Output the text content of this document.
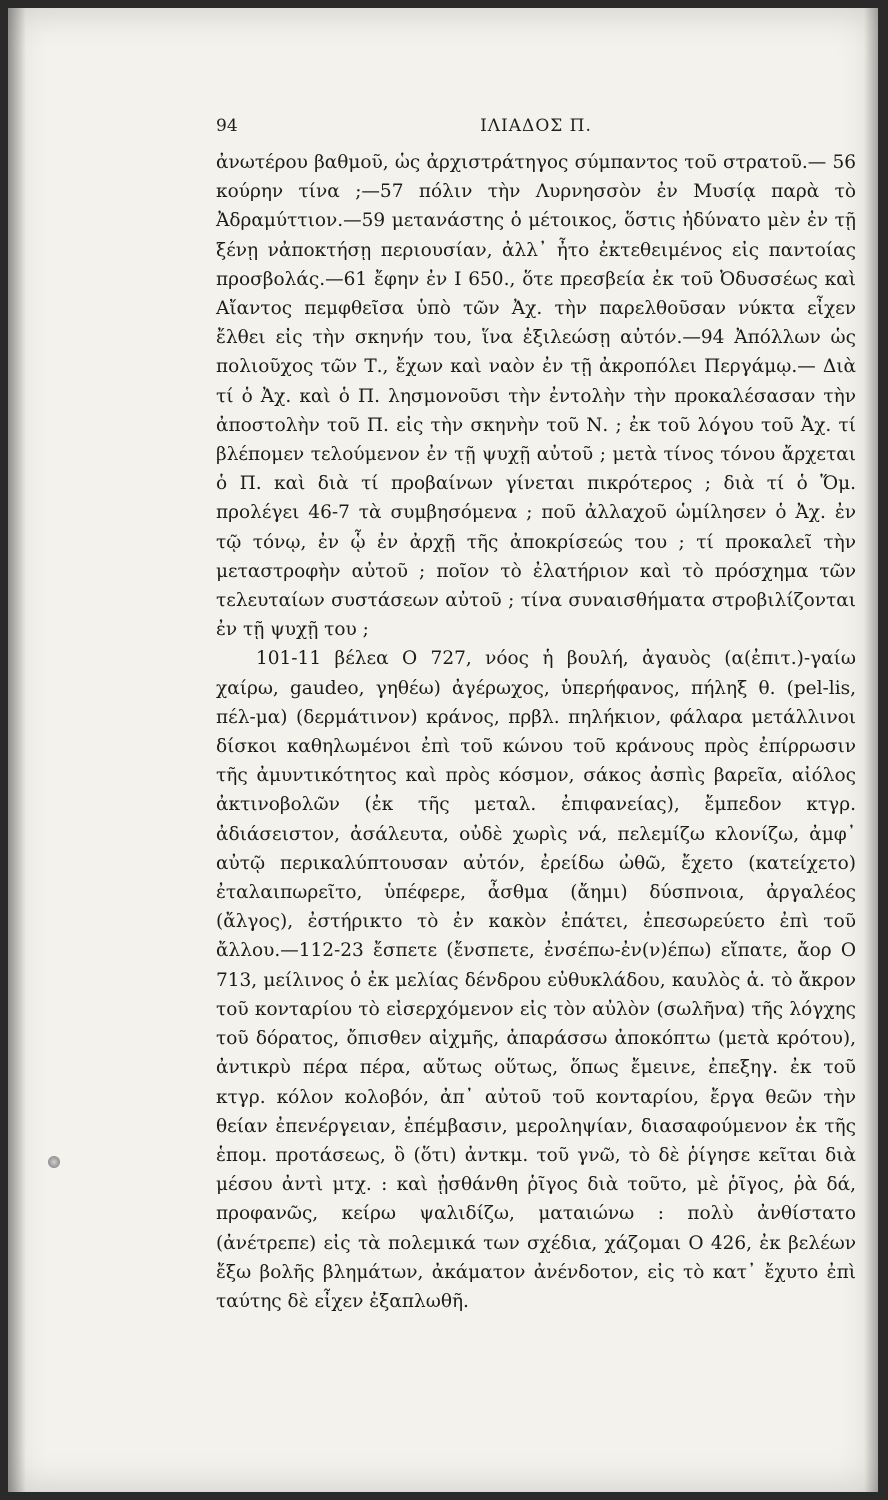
94	ΙΛΙΑΔΟΣ Π.

ἀνωτέρου βαθμοῦ, ὡς ἀρχιστράτηγος σύμπαντος τοῦ στρατοῦ.— 56 κούρην τίνα ;—57 πόλιν τὴν Λυρνησσὸν ἐν Μυσίᾳ παρὰ τὸ Ἀδραμύττιον.—59 μετανάστης ὁ μέτοικος, ὅστις ἠδύνατο μὲν ἐν τῇ ξένῃ νἀποκτήσῃ περιουσίαν, ἀλλ᾽ ἦτο ἐκτεθειμένος εἰς παντοίας προσβολάς.—61 ἔφην ἐν Ι 650., ὅτε πρεσβεία ἐκ τοῦ Ὀδυσσέως καὶ Αἴαντος πεμφθεῖσα ὑπὸ τῶν Ἀχ. τὴν παρελθοῦσαν νύκτα εἶχεν ἔλθει εἰς τὴν σκηνήν του, ἵνα ἐξιλεώσῃ αὐτόν.—94 Ἀπόλλων ὡς πολιοῦχος τῶν Τ., ἔχων καὶ ναὸν ἐν τῇ ἀκροπόλει Περγάμῳ.— Διὰ τί ὁ Ἀχ. καὶ ὁ Π. λησμονοῦσι τὴν ἐντολὴν τὴν προκαλέσασαν τὴν ἀποστολὴν τοῦ Π. εἰς τὴν σκηνὴν τοῦ Ν. ; ἐκ τοῦ λόγου τοῦ Ἀχ. τί βλέπομεν τελούμενον ἐν τῇ ψυχῇ αὐτοῦ ; μετὰ τίνος τόνου ἄρχεται ὁ Π. καὶ διὰ τί προβαίνων γίνεται πικρότερος ; διὰ τί ὁ Ὅμ. προλέγει 46-7 τὰ συμβησόμενα ; ποῦ ἀλλαχοῦ ὡμίλησεν ὁ Ἀχ. ἐν τῷ τόνῳ, ἐν ᾧ ἐν ἀρχῇ τῆς ἀποκρίσεώς του ; τί προκαλεῖ τὴν μεταστροφὴν αὐτοῦ ; ποῖον τὸ ἐλατήριον καὶ τὸ πρόσχημα τῶν τελευταίων συστάσεων αὐτοῦ ; τίνα συναισθήματα στροβιλίζονται ἐν τῇ ψυχῇ του ;

101-11 βέλεα Ο 727, νόος ἡ βουλή, ἀγαυὸς (α(ἐπιτ.)-γαίω χαίρω, gaudeo, γηθέω) ἀγέρωχος, ὑπερήφανος, πήληξ θ. (pel-lis, πέλ-μα) (δερμάτινον) κράνος, πρβλ. πηλήκιον, φάλαρα μετάλλινοι δίσκοι καθηλωμένοι ἐπὶ τοῦ κώνου τοῦ κράνους πρὸς ἐπίρρωσιν τῆς ἀμυντικότητος καὶ πρὸς κόσμον, σάκος ἀσπὶς βαρεῖα, αἰόλος ἀκτινοβολῶν (ἐκ τῆς μεταλ. ἐπιφανείας), ἔμπεδον κτγρ. ἀδιάσειστον, ἀσάλευτα, οὐδὲ χωρὶς νά, πελεμίζω κλονίζω, ἀμφ᾽ αὐτῷ περικαλύπτουσαν αὐτόν, ἐρείδω ὠθῶ, ἔχετο (κατείχετο) ἐταλαιπωρεῖτο, ὑπέφερε, ἆσθμα (ἄημι) δύσπνοια, ἀργαλέος (ἄλγος), ἐστήρικτο τὸ ἐν κακὸν ἐπάτει, ἐπεσωρεύετο ἐπὶ τοῦ ἄλλου.—112-23 ἔσπετε (ἔνσπετε, ἐνσέπω-ἐν(ν)έπω) εἴπατε, ἄορ Ο 713, μείλινος ὁ ἐκ μελίας δένδρου εὐθυκλάδου, καυλὸς ἁ. τὸ ἄκρον τοῦ κονταρίου τὸ εἰσερχόμενον εἰς τὸν αὐλὸν (σωλῆνα) τῆς λόγχης τοῦ δόρατος, ὄπισθεν αἰχμῆς, ἀπαράσσω ἀποκόπτω (μετὰ κρότου), ἀντικρὺ πέρα πέρα, αὔτως οὕτως, ὅπως ἔμεινε, ἐπεξηγ. ἐκ τοῦ κτγρ. κόλον κολοβόν, ἀπ᾽ αὐτοῦ τοῦ κονταρίου, ἔργα θεῶν τὴν θείαν ἐπενέργειαν, ἐπέμβασιν, μεροληψίαν, διασαφούμενον ἐκ τῆς ἑπομ. προτάσεως, ὃ (ὅτι) ἀντκμ. τοῦ γνῶ, τὸ δὲ ῥίγησε κεῖται διὰ μέσου ἀντὶ μτχ. : καὶ ᾐσθάνθη ῥῖγος διὰ τοῦτο, μὲ ῥῖγος, ῥὰ δά, προφανῶς, κείρω ψαλιδίζω, ματαιώνω : πολὺ ἀνθίστατο (ἀνέτρεπε) εἰς τὰ πολεμικά των σχέδια, χάζομαι Ο 426, ἐκ βελέων ἔξω βολῆς βλημάτων, ἀκάματον ἀνένδοτον, εἰς τὸ κατ᾽ ἔχυτο ἐπὶ ταύτης δὲ εἶχεν ἐξαπλωθῆ.
